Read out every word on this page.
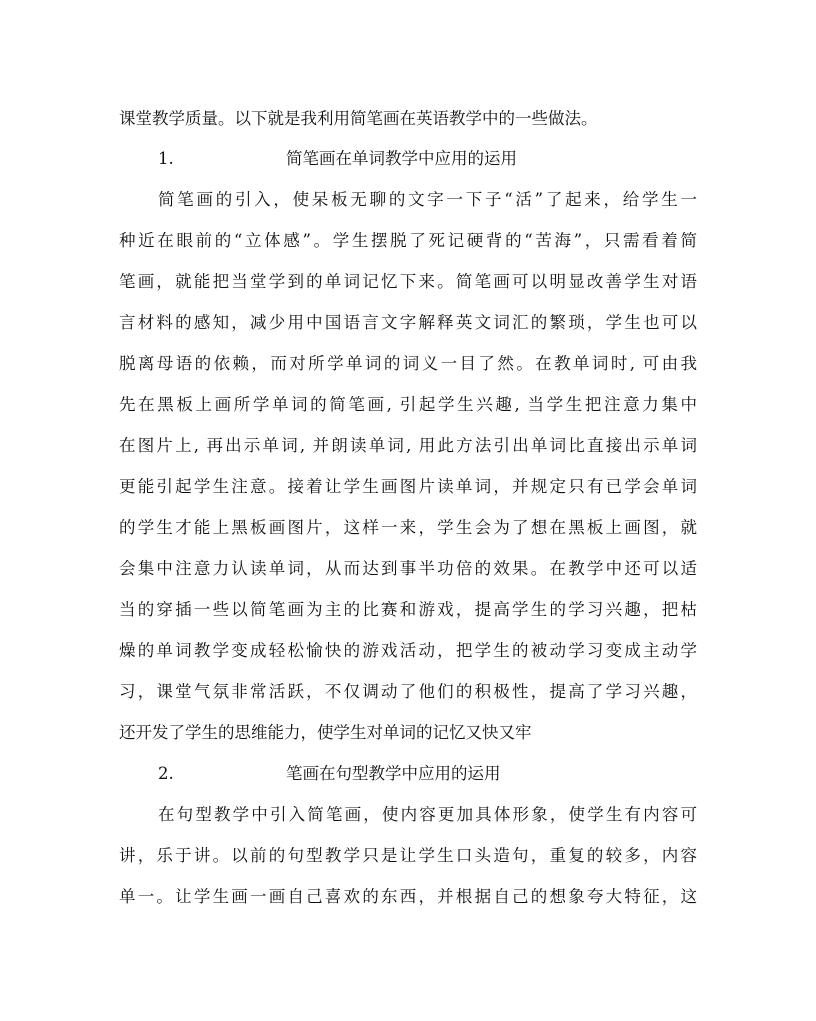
课堂教学质量。以下就是我利用简笔画在英语教学中的一些做法。
1.	简笔画在单词教学中应用的运用
简笔画的引入，使呆板无聊的文字一下子“活”了起来，给学生一
种近在眼前的“立体感”。学生摆脱了死记硬背的“苦海”，只需看着简
笔画，就能把当堂学到的单词记忆下来。简笔画可以明显改善学生对语
言材料的感知，减少用中国语言文字解释英文词汇的繁琐，学生也可以
脱离母语的依赖，而对所学单词的词义一目了然。在教单词时, 可由我
先在黑板上画所学单词的简笔画, 引起学生兴趣, 当学生把注意力集中
在图片上, 再出示单词, 并朗读单词, 用此方法引出单词比直接出示单词
更能引起学生注意。接着让学生画图片读单词，并规定只有已学会单词
的学生才能上黑板画图片，这样一来，学生会为了想在黑板上画图，就
会集中注意力认读单词，从而达到事半功倍的效果。在教学中还可以适
当的穿插一些以简笔画为主的比赛和游戏，提高学生的学习兴趣，把枯
燥的单词教学变成轻松愉快的游戏活动，把学生的被动学习变成主动学
习，课堂气氛非常活跃，不仅调动了他们的积极性，提高了学习兴趣，
还开发了学生的思维能力，使学生对单词的记忆又快又牢
2.	笔画在句型教学中应用的运用
在句型教学中引入简笔画，使内容更加具体形象，使学生有内容可
讲，乐于讲。以前的句型教学只是让学生口头造句，重复的较多，内容
单一。让学生画一画自己喜欢的东西，并根据自己的想象夸大特征，这
